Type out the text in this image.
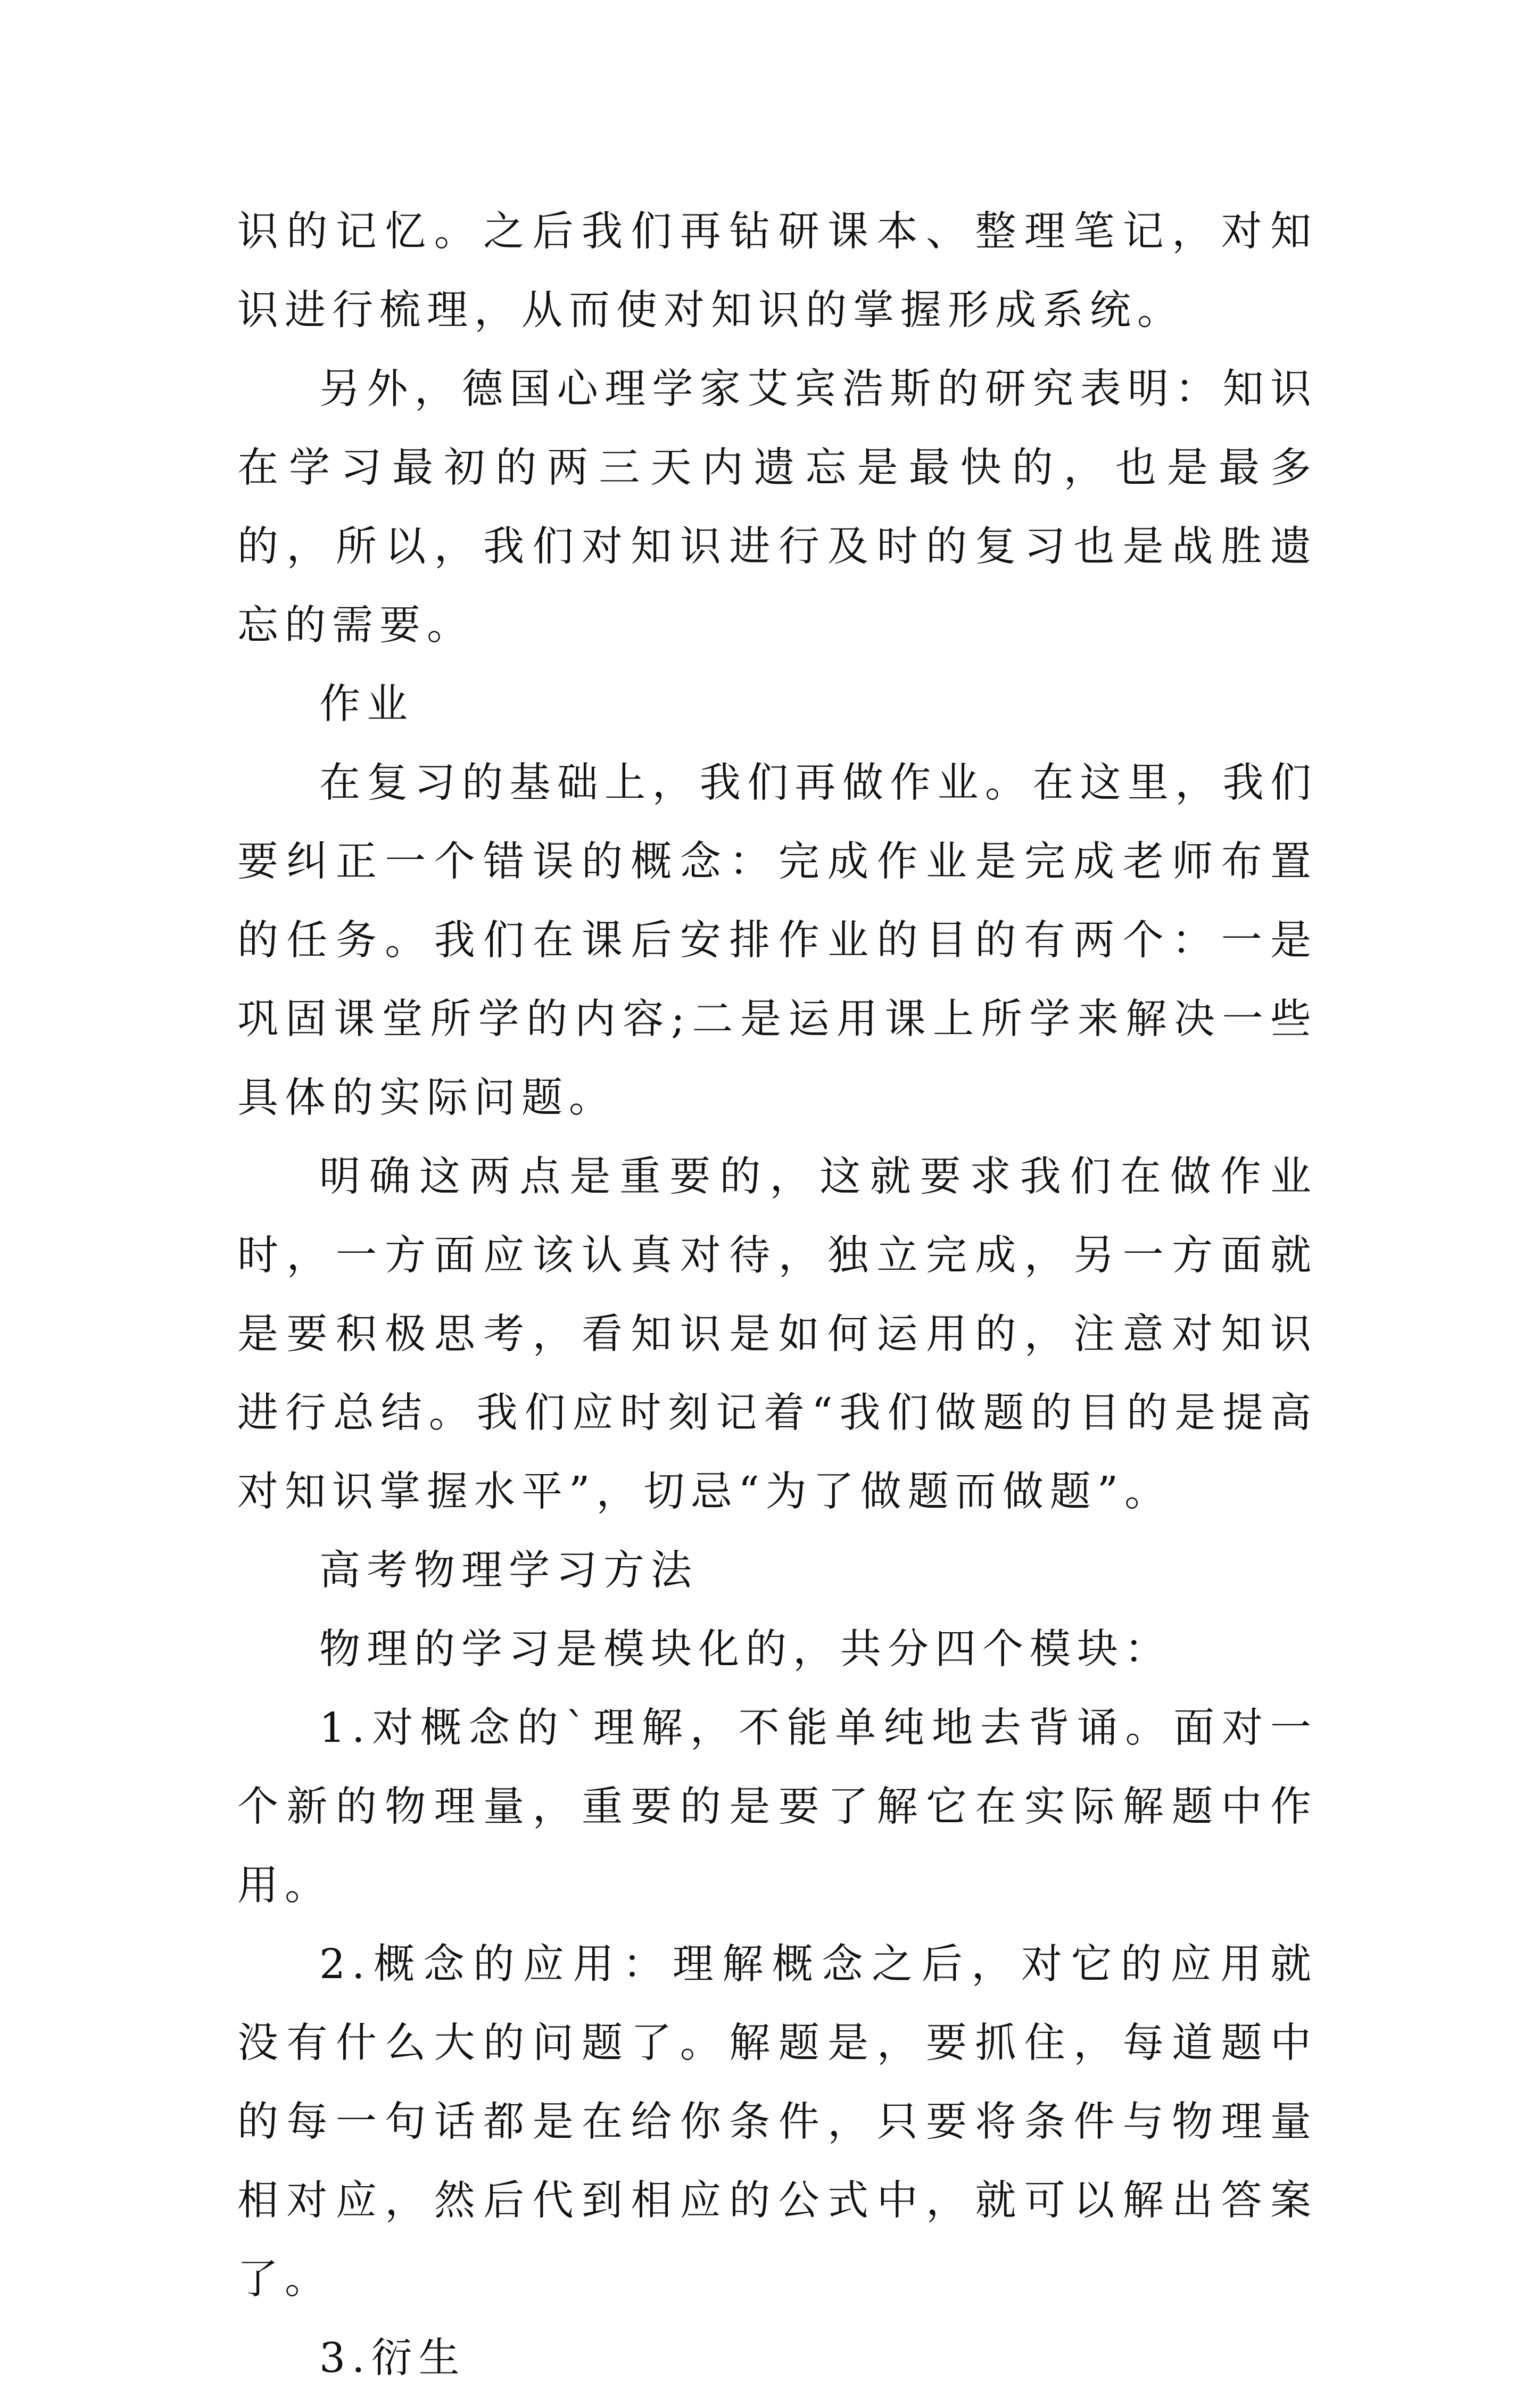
识的记忆。之后我们再钻研课本、整理笔记，对知识进行梳理，从而使对知识的掌握形成系统。

另外，德国心理学家艾宾浩斯的研究表明：知识在学习最初的两三天内遗忘是最快的，也是最多的，所以，我们对知识进行及时的复习也是战胜遗忘的需要。

作业

在复习的基础上，我们再做作业。在这里，我们要纠正一个错误的概念：完成作业是完成老师布置的任务。我们在课后安排作业的目的有两个：一是巩固课堂所学的内容;二是运用课上所学来解决一些具体的实际问题。

明确这两点是重要的，这就要求我们在做作业时，一方面应该认真对待，独立完成，另一方面就是要积极思考，看知识是如何运用的，注意对知识进行总结。我们应时刻记着“我们做题的目的是提高对知识掌握水平”，切忌“为了做题而做题”。

高考物理学习方法

物理的学习是模块化的，共分四个模块：

1.对概念的`理解，不能单纯地去背诵。面对一个新的物理量，重要的是要了解它在实际解题中作用。

2.概念的应用：理解概念之后，对它的应用就没有什么大的问题了。解题是，要抓住，每道题中的每一句话都是在给你条件，只要将条件与物理量相对应，然后代到相应的公式中，就可以解出答案了。

3.衍生
